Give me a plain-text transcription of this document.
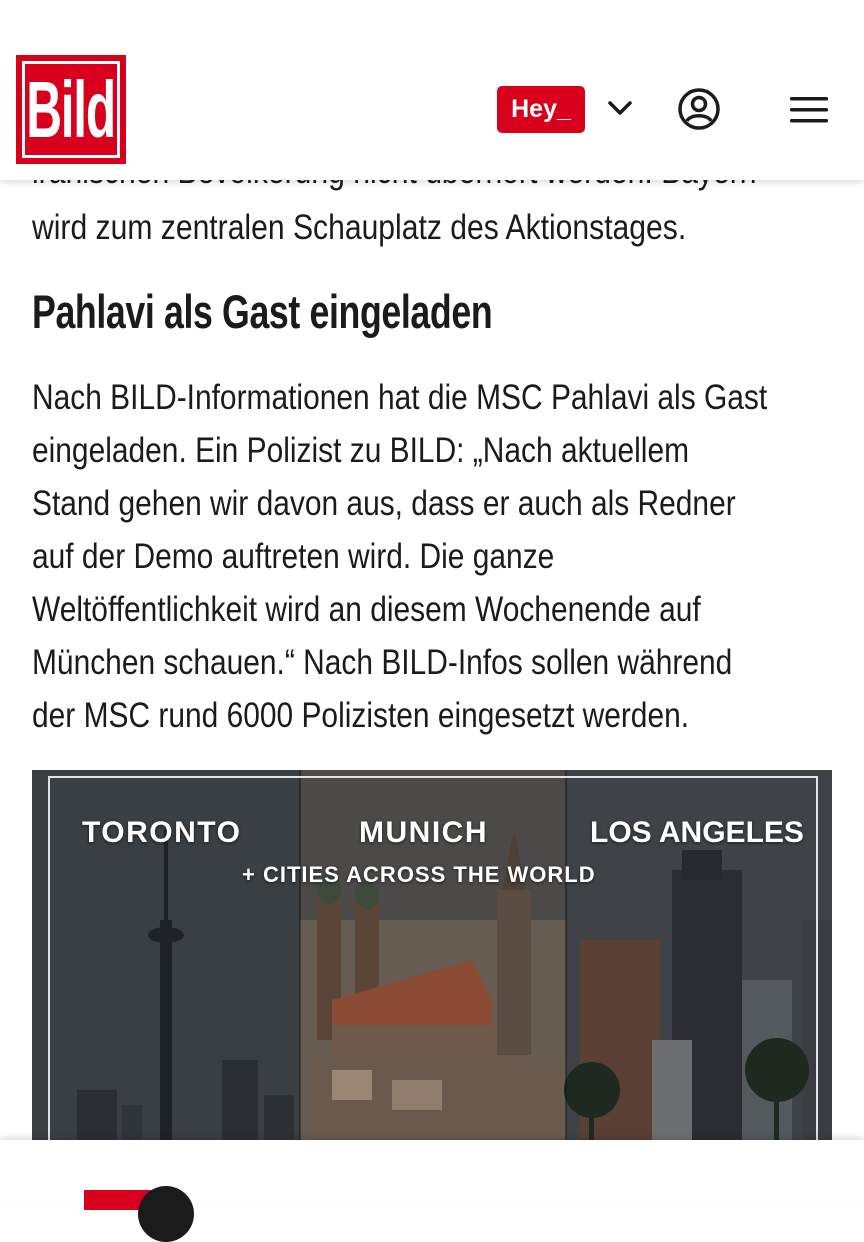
Bild	Hey_
wird zum zentralen Schauplatz des Aktionstages.
Pahlavi als Gast eingeladen
Nach BILD-Informationen hat die MSC Pahlavi als Gast
eingeladen. Ein Polizist zu BILD: „Nach aktuellem
Stand gehen wir davon aus, dass er auch als Redner
auf der Demo auftreten wird. Die ganze
Weltöffentlichkeit wird an diesem Wochenende auf
München schauen.“ Nach BILD-Infos sollen während
der MSC rund 6000 Polizisten eingesetzt werden.
TORONTO	MUNICH	LOS ANGELES
+ CITIES ACROSS THE WORLD
